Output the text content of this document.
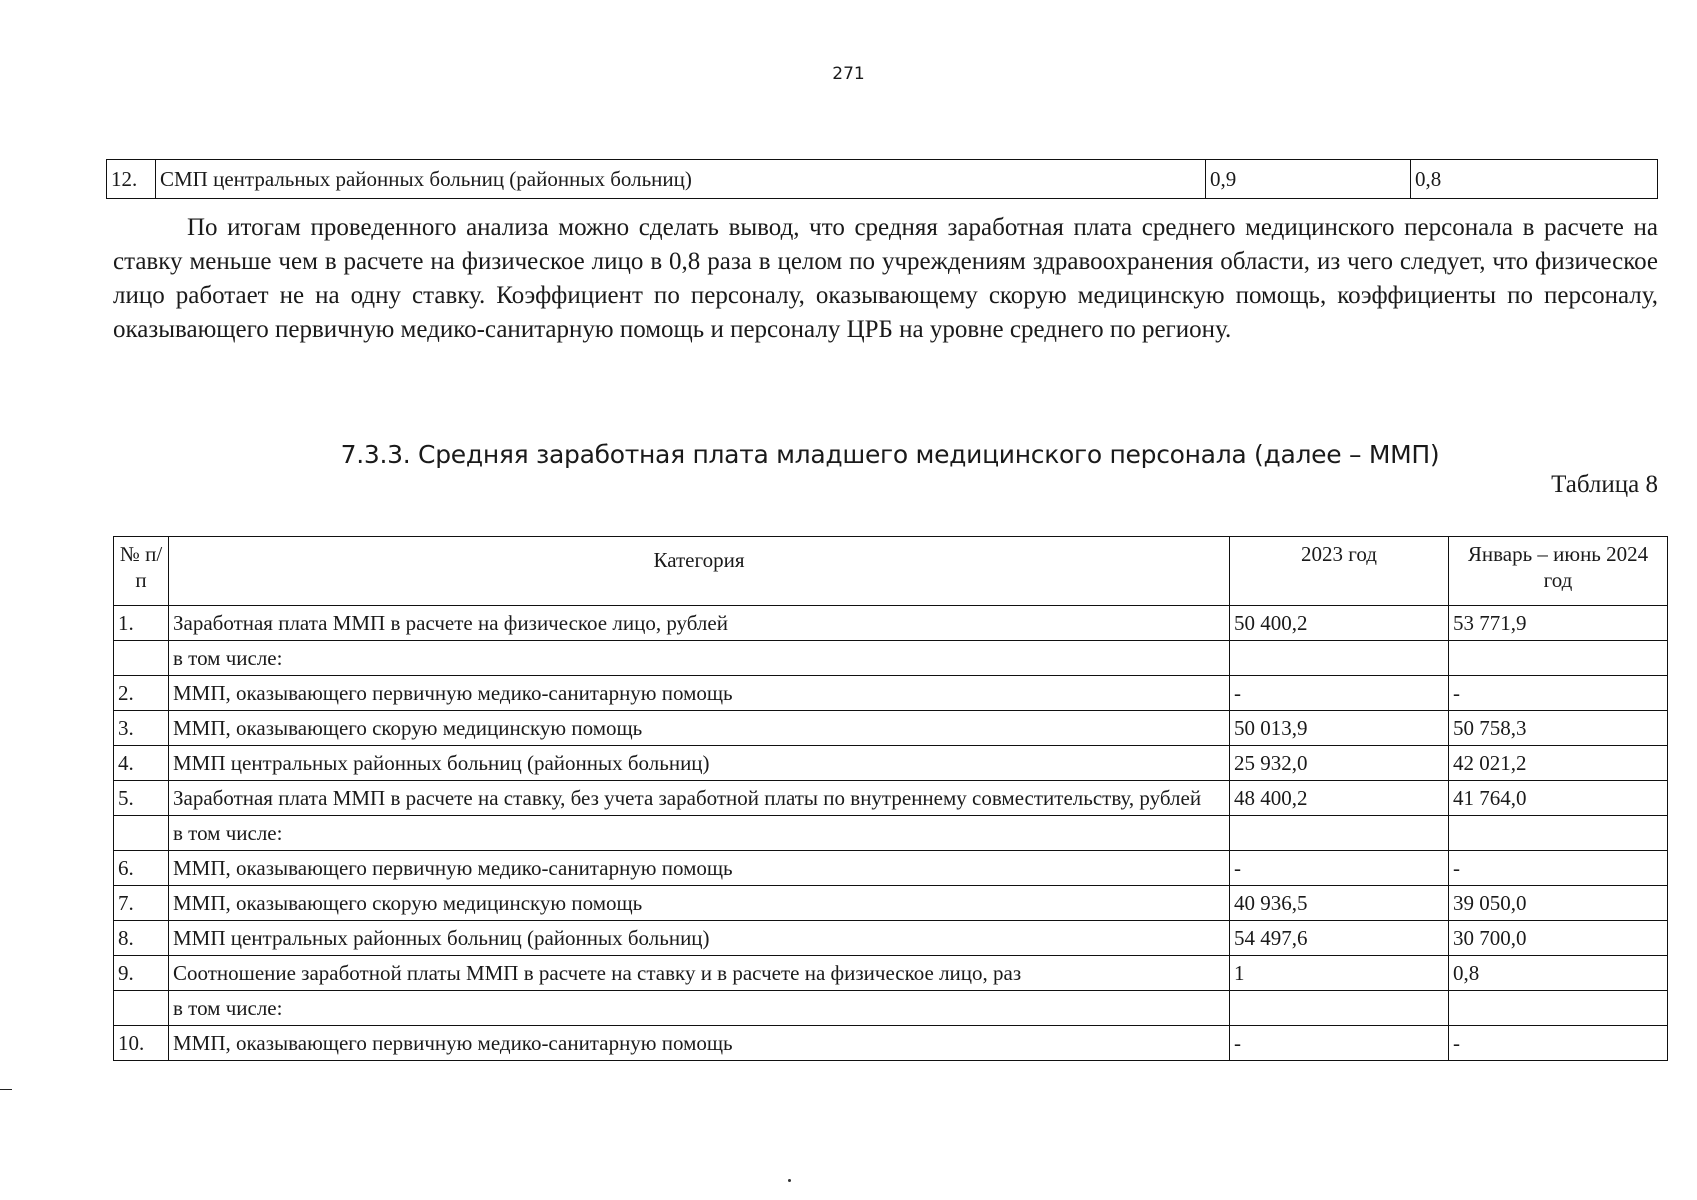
271
12.	СМП центральных районных больниц (районных больниц)	0,9	0,8

По итогам проведенного анализа можно сделать вывод, что средняя заработная плата среднего медицинского персонала в расчете на ставку меньше чем в расчете на физическое лицо в 0,8 раза в целом по учреждениям здравоохранения области, из чего следует, что физическое лицо работает не на одну ставку. Коэффициент по персоналу, оказывающему скорую медицинскую помощь, коэффициенты по персоналу, оказывающего первичную медико-санитарную помощь и персоналу ЦРБ на уровне среднего по региону.

7.3.3. Средняя заработная плата младшего медицинского персонала (далее – ММП)
Таблица 8
№ п/п	Категория	2023 год	Январь – июнь 2024 год
1.	Заработная плата ММП в расчете на физическое лицо, рублей	50 400,2	53 771,9
	в том числе:		
2.	ММП, оказывающего первичную медико-санитарную помощь	-	-
3.	ММП, оказывающего скорую медицинскую помощь	50 013,9	50 758,3
4.	ММП центральных районных больниц (районных больниц)	25 932,0	42 021,2
5.	Заработная плата ММП в расчете на ставку, без учета заработной платы по внутреннему совместительству, рублей	48 400,2	41 764,0
	в том числе:		
6.	ММП, оказывающего первичную медико-санитарную помощь	-	-
7.	ММП, оказывающего скорую медицинскую помощь	40 936,5	39 050,0
8.	ММП центральных районных больниц (районных больниц)	54 497,6	30 700,0
9.	Соотношение заработной платы ММП в расчете на ставку и в расчете на физическое лицо, раз	1	0,8
	в том числе:		
10.	ММП, оказывающего первичную медико-санитарную помощь	-	-
